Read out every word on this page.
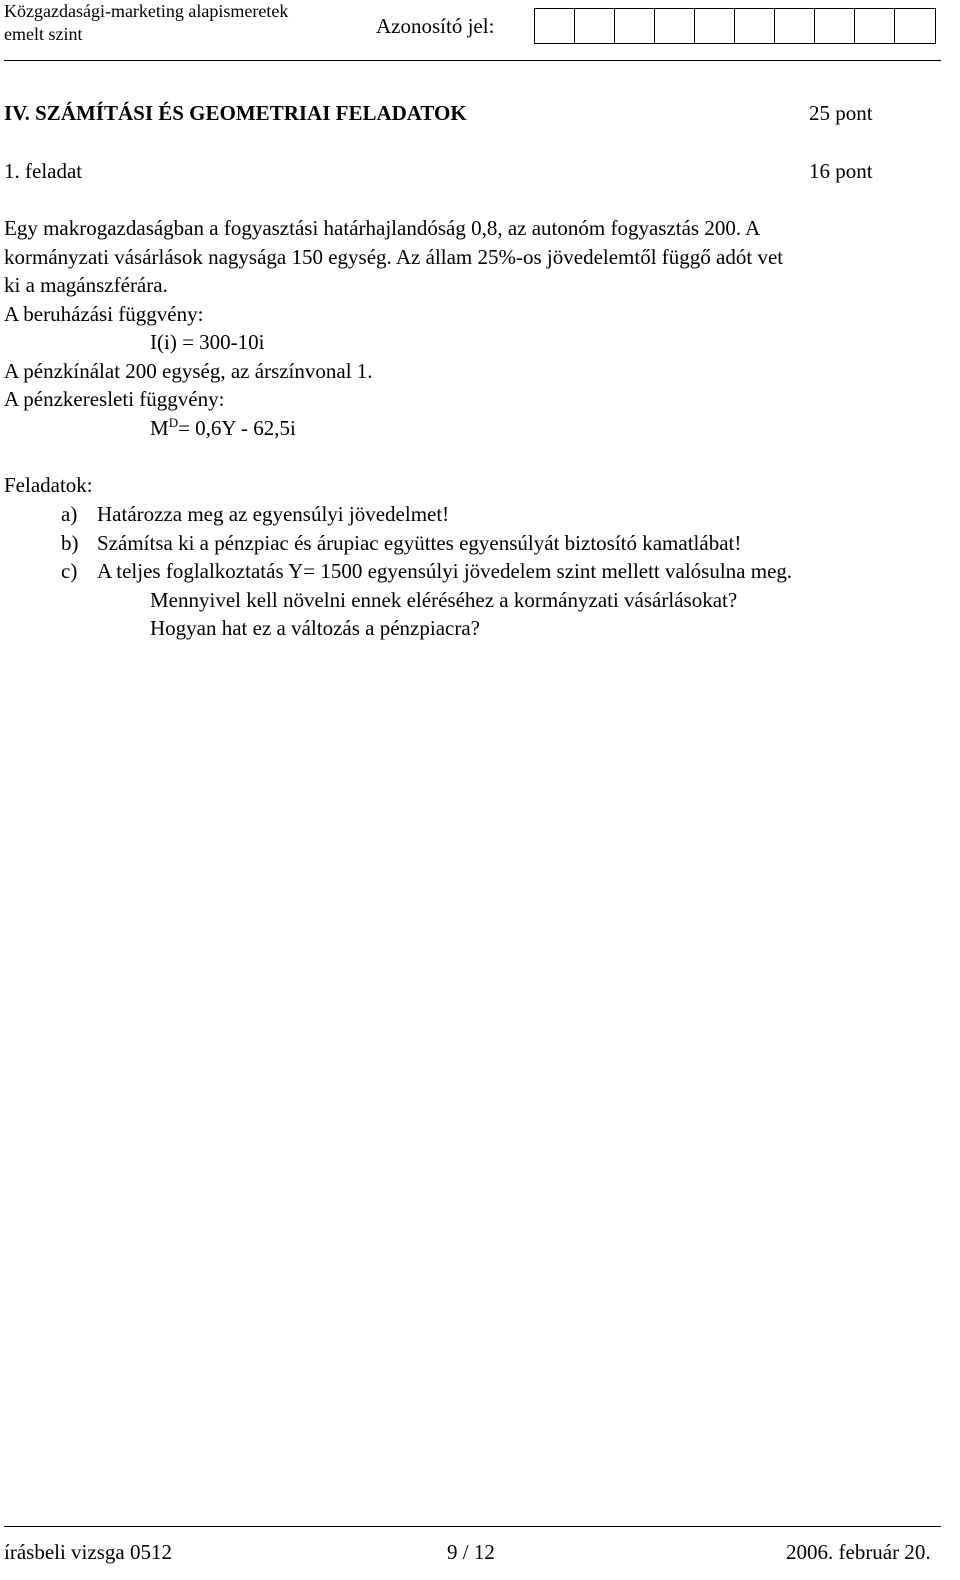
Közgazdasági-marketing alapismeretek
emelt szint	Azonosító jel:
IV. SZÁMÍTÁSI ÉS GEOMETRIAI FELADATOK	25 pont
1. feladat	16 pont
Egy makrogazdaságban a fogyasztási határhajlandóság 0,8, az autonóm fogyasztás 200. A
kormányzati vásárlások nagysága 150 egység. Az állam 25%-os jövedelemtől függő adót vet
ki a magánszférára.
A beruházási függvény:
I(i) = 300-10i
A pénzkínálat 200 egység, az árszínvonal 1.
A pénzkeresleti függvény:
$M^D= 0,6Y - 62,5i$
Feladatok:
a) Határozza meg az egyensúlyi jövedelmet!
b) Számítsa ki a pénzpiac és árupiac együttes egyensúlyát biztosító kamatlábat!
c) A teljes foglalkoztatás Y= 1500 egyensúlyi jövedelem szint mellett valósulna meg.
Mennyivel kell növelni ennek eléréséhez a kormányzati vásárlásokat?
Hogyan hat ez a változás a pénzpiacra?
írásbeli vizsga 0512	9 / 12	2006. február 20.
